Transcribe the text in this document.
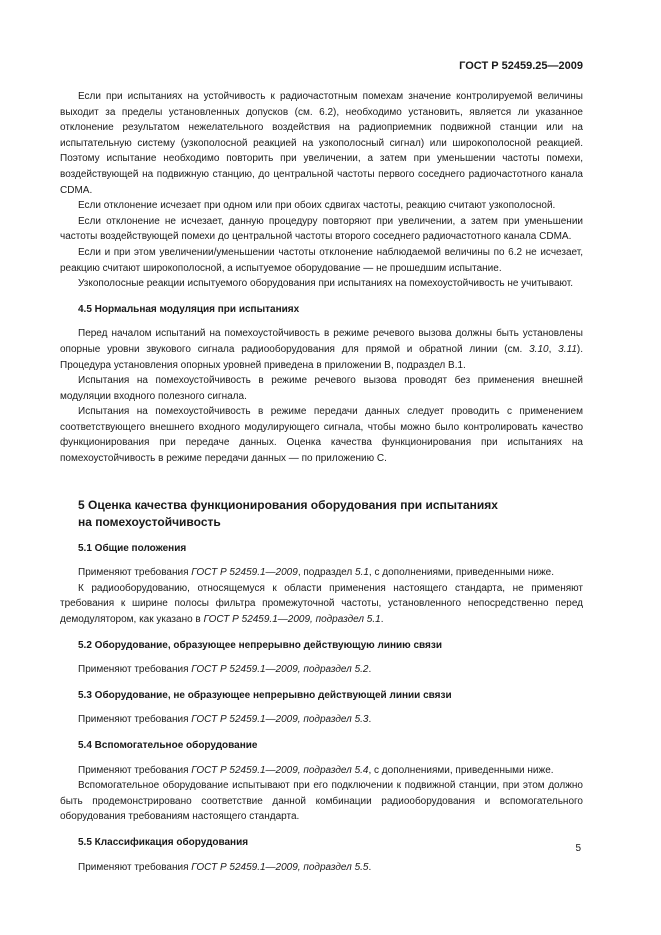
ГОСТ Р 52459.25—2009

Если при испытаниях на устойчивость к радиочастотным помехам значение контролируемой величины выходит за пределы установленных допусков (см. 6.2), необходимо установить, является ли указанное отклонение результатом нежелательного воздействия на радиоприемник подвижной станции или на испытательную систему (узкополосной реакцией на узкополосный сигнал) или широкополосной реакцией. Поэтому испытание необходимо повторить при увеличении, а затем при уменьшении частоты помехи, воздействующей на подвижную станцию, до центральной частоты первого соседнего радиочастотного канала CDMA.

Если отклонение исчезает при одном или при обоих сдвигах частоты, реакцию считают узкополосной.

Если отклонение не исчезает, данную процедуру повторяют при увеличении, а затем при уменьшении частоты воздействующей помехи до центральной частоты второго соседнего радиочастотного канала CDMA.

Если и при этом увеличении/уменьшении частоты отклонение наблюдаемой величины по 6.2 не исчезает, реакцию считают широкополосной, а испытуемое оборудование — не прошедшим испытание.

Узкополосные реакции испытуемого оборудования при испытаниях на помехоустойчивость не учитывают.

4.5 Нормальная модуляция при испытаниях

Перед началом испытаний на помехоустойчивость в режиме речевого вызова должны быть установлены опорные уровни звукового сигнала радиооборудования для прямой и обратной линии (см. 3.10, 3.11). Процедура установления опорных уровней приведена в приложении В, подраздел В.1.

Испытания на помехоустойчивость в режиме речевого вызова проводят без применения внешней модуляции входного полезного сигнала.

Испытания на помехоустойчивость в режиме передачи данных следует проводить с применением соответствующего внешнего входного модулирующего сигнала, чтобы можно было контролировать качество функционирования при передаче данных. Оценка качества функционирования при испытаниях на помехоустойчивость в режиме передачи данных — по приложению С.

5 Оценка качества функционирования оборудования при испытаниях
на помехоустойчивость
5.1 Общие положения

Применяют требования ГОСТ Р 52459.1—2009, подраздел 5.1, с дополнениями, приведенными ниже.

К радиооборудованию, относящемуся к области применения настоящего стандарта, не применяют требования к ширине полосы фильтра промежуточной частоты, установленного непосредственно перед демодулятором, как указано в ГОСТ Р 52459.1—2009, подраздел 5.1.

5.2 Оборудование, образующее непрерывно действующую линию связи

Применяют требования ГОСТ Р 52459.1—2009, подраздел 5.2.

5.3 Оборудование, не образующее непрерывно действующей линии связи

Применяют требования ГОСТ Р 52459.1—2009, подраздел 5.3.

5.4 Вспомогательное оборудование

Применяют требования ГОСТ Р 52459.1—2009, подраздел 5.4, с дополнениями, приведенными ниже.

Вспомогательное оборудование испытывают при его подключении к подвижной станции, при этом должно быть продемонстрировано соответствие данной комбинации радиооборудования и вспомогательного оборудования требованиям настоящего стандарта.

5.5 Классификация оборудования

Применяют требования ГОСТ Р 52459.1—2009, подраздел 5.5.

5
